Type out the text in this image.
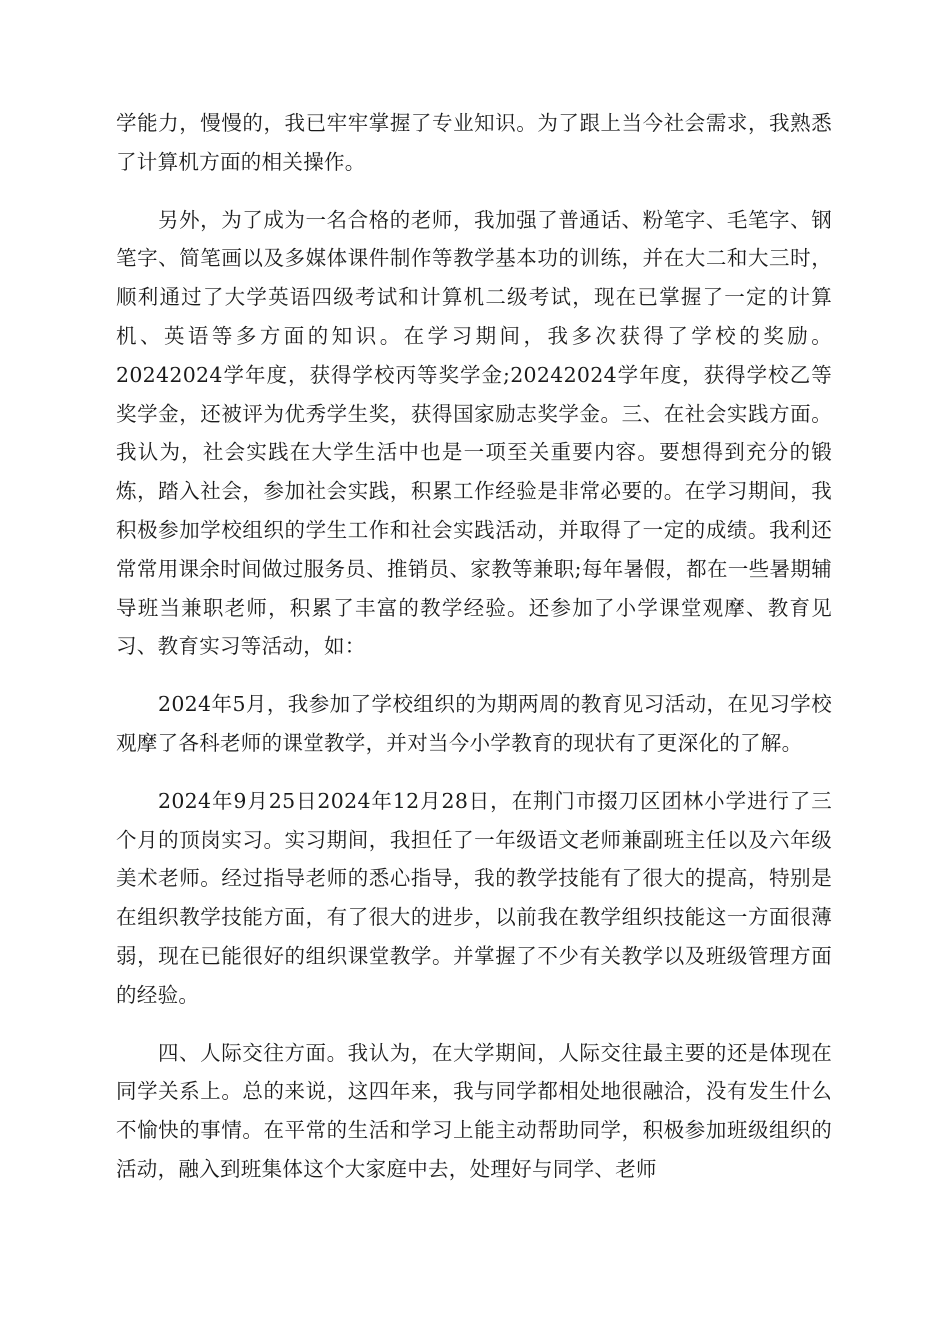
学能力，慢慢的，我已牢牢掌握了专业知识。为了跟上当今社会需求，我熟悉了计算机方面的相关操作。

另外，为了成为一名合格的老师，我加强了普通话、粉笔字、毛笔字、钢笔字、简笔画以及多媒体课件制作等教学基本功的训练，并在大二和大三时，顺利通过了大学英语四级考试和计算机二级考试，现在已掌握了一定的计算机、英语等多方面的知识。在学习期间，我多次获得了学校的奖励。20242024学年度，获得学校丙等奖学金;20242024学年度，获得学校乙等奖学金，还被评为优秀学生奖，获得国家励志奖学金。三、在社会实践方面。我认为，社会实践在大学生活中也是一项至关重要内容。要想得到充分的锻炼，踏入社会，参加社会实践，积累工作经验是非常必要的。在学习期间，我积极参加学校组织的学生工作和社会实践活动，并取得了一定的成绩。我利还常常用课余时间做过服务员、推销员、家教等兼职;每年暑假，都在一些暑期辅导班当兼职老师，积累了丰富的教学经验。还参加了小学课堂观摩、教育见习、教育实习等活动，如：

2024年5月，我参加了学校组织的为期两周的教育见习活动，在见习学校观摩了各科老师的课堂教学，并对当今小学教育的现状有了更深化的了解。

2024年9月25日2024年12月28日，在荆门市掇刀区团林小学进行了三个月的顶岗实习。实习期间，我担任了一年级语文老师兼副班主任以及六年级美术老师。经过指导老师的悉心指导，我的教学技能有了很大的提高，特别是在组织教学技能方面，有了很大的进步，以前我在教学组织技能这一方面很薄弱，现在已能很好的组织课堂教学。并掌握了不少有关教学以及班级管理方面的经验。

四、人际交往方面。我认为，在大学期间，人际交往最主要的还是体现在同学关系上。总的来说，这四年来，我与同学都相处地很融洽，没有发生什么不愉快的事情。在平常的生活和学习上能主动帮助同学，积极参加班级组织的活动，融入到班集体这个大家庭中去，处理好与同学、老师
